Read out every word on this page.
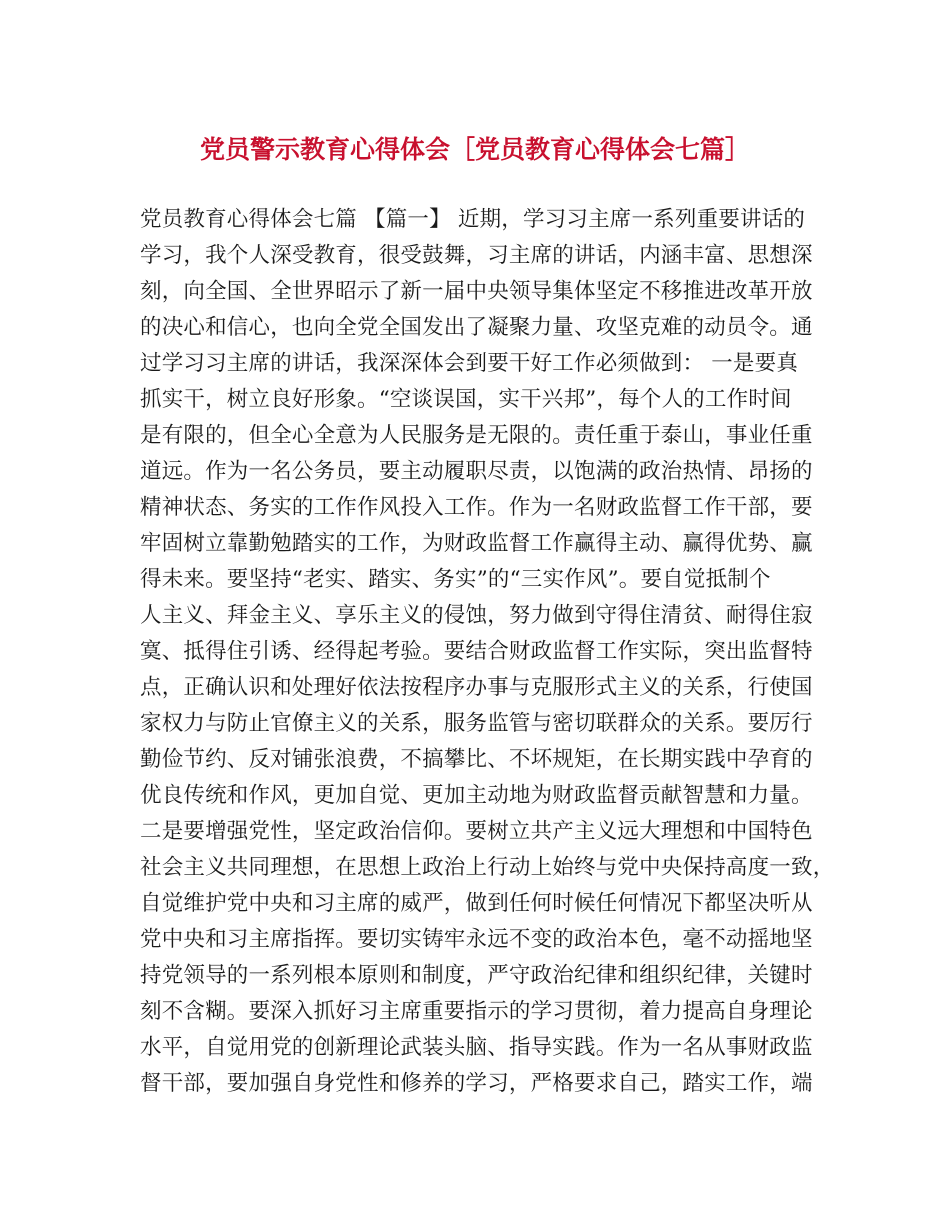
党员警示教育心得体会［党员教育心得体会七篇］
党员教育心得体会七篇 【篇一】 近期，学习习主席一系列重要讲话的
学习，我个人深受教育，很受鼓舞，习主席的讲话，内涵丰富、思想深
刻，向全国、全世界昭示了新一届中央领导集体坚定不移推进改革开放
的决心和信心，也向全党全国发出了凝聚力量、攻坚克难的动员令。通
过学习习主席的讲话，我深深体会到要干好工作必须做到： 一是要真
抓实干，树立良好形象。“空谈误国，实干兴邦”，每个人的工作时间
是有限的，但全心全意为人民服务是无限的。责任重于泰山，事业任重
道远。作为一名公务员，要主动履职尽责，以饱满的政治热情、昂扬的
精神状态、务实的工作作风投入工作。作为一名财政监督工作干部，要
牢固树立靠勤勉踏实的工作，为财政监督工作赢得主动、赢得优势、赢
得未来。要坚持“老实、踏实、务实”的“三实作风”。要自觉抵制个
人主义、拜金主义、享乐主义的侵蚀，努力做到守得住清贫、耐得住寂
寞、抵得住引诱、经得起考验。要结合财政监督工作实际，突出监督特
点，正确认识和处理好依法按程序办事与克服形式主义的关系，行使国
家权力与防止官僚主义的关系，服务监管与密切联群众的关系。要厉行
勤俭节约、反对铺张浪费，不搞攀比、不坏规矩，在长期实践中孕育的
优良传统和作风，更加自觉、更加主动地为财政监督贡献智慧和力量。
二是要增强党性，坚定政治信仰。要树立共产主义远大理想和中国特色
社会主义共同理想，在思想上政治上行动上始终与党中央保持高度一致，
自觉维护党中央和习主席的威严，做到任何时候任何情况下都坚决听从
党中央和习主席指挥。要切实铸牢永远不变的政治本色，毫不动摇地坚
持党领导的一系列根本原则和制度，严守政治纪律和组织纪律，关键时
刻不含糊。要深入抓好习主席重要指示的学习贯彻，着力提高自身理论
水平，自觉用党的创新理论武装头脑、指导实践。作为一名从事财政监
督干部，要加强自身党性和修养的学习，严格要求自己，踏实工作，端
